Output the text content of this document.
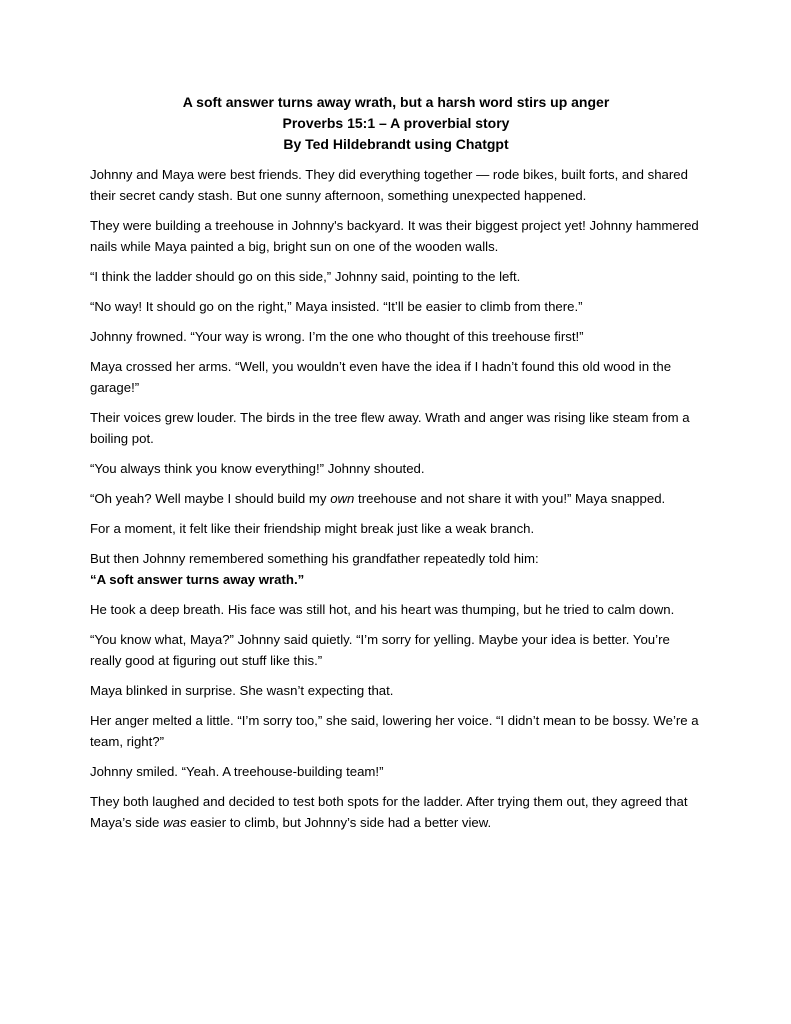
A soft answer turns away wrath, but a harsh word stirs up anger
Proverbs 15:1 – A proverbial story
By Ted Hildebrandt using Chatgpt

Johnny and Maya were best friends. They did everything together — rode bikes, built forts, and shared their secret candy stash. But one sunny afternoon, something unexpected happened.

They were building a treehouse in Johnny's backyard. It was their biggest project yet! Johnny hammered nails while Maya painted a big, bright sun on one of the wooden walls.

“I think the ladder should go on this side,” Johnny said, pointing to the left.

“No way! It should go on the right,” Maya insisted. “It’ll be easier to climb from there.”

Johnny frowned. “Your way is wrong. I’m the one who thought of this treehouse first!”

Maya crossed her arms. “Well, you wouldn’t even have the idea if I hadn’t found this old wood in the garage!”

Their voices grew louder. The birds in the tree flew away. Wrath and anger was rising like steam from a boiling pot.

“You always think you know everything!” Johnny shouted.

“Oh yeah? Well maybe I should build my own treehouse and not share it with you!” Maya snapped.

For a moment, it felt like their friendship might break just like a weak branch.

But then Johnny remembered something his grandfather repeatedly told him:
“A soft answer turns away wrath.”

He took a deep breath. His face was still hot, and his heart was thumping, but he tried to calm down.

“You know what, Maya?” Johnny said quietly. “I’m sorry for yelling. Maybe your idea is better. You’re really good at figuring out stuff like this.”

Maya blinked in surprise. She wasn’t expecting that.

Her anger melted a little. “I’m sorry too,” she said, lowering her voice. “I didn’t mean to be bossy. We’re a team, right?”

Johnny smiled. “Yeah. A treehouse-building team!”

They both laughed and decided to test both spots for the ladder. After trying them out, they agreed that Maya’s side was easier to climb, but Johnny’s side had a better view.
